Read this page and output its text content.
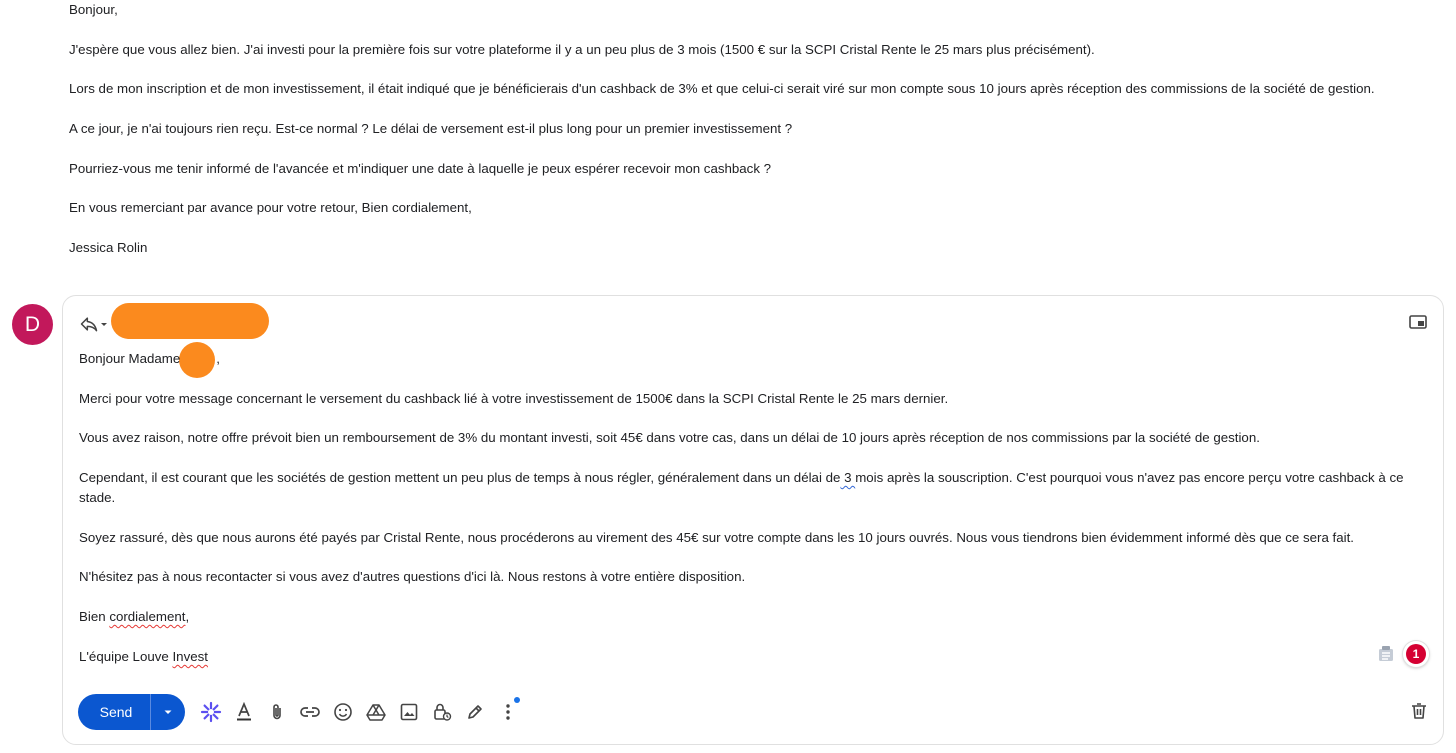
Bonjour,

J'espère que vous allez bien. J'ai investi pour la première fois sur votre plateforme il y a un peu plus de 3 mois (1500 € sur la SCPI Cristal Rente le 25 mars plus précisément).

Lors de mon inscription et de mon investissement, il était indiqué que je bénéficierais d'un cashback de 3% et que celui-ci serait viré sur mon compte sous 10 jours après réception des commissions de la société de gestion.

A ce jour, je n'ai toujours rien reçu. Est-ce normal ? Le délai de versement est-il plus long pour un premier investissement ?

Pourriez-vous me tenir informé de l'avancée et m'indiquer une date à laquelle je peux espérer recevoir mon cashback ?

En vous remerciant par avance pour votre retour, Bien cordialement,

Jessica Rolin

D

Bonjour Madame	,

Merci pour votre message concernant le versement du cashback lié à votre investissement de 1500€ dans la SCPI Cristal Rente le 25 mars dernier.

Vous avez raison, notre offre prévoit bien un remboursement de 3% du montant investi, soit 45€ dans votre cas, dans un délai de 10 jours après réception de nos commissions par la société de gestion.

Cependant, il est courant que les sociétés de gestion mettent un peu plus de temps à nous régler, généralement dans un délai de 3 mois après la souscription. C'est pourquoi vous n'avez pas encore perçu votre cashback à ce stade.

Soyez rassuré, dès que nous aurons été payés par Cristal Rente, nous procéderons au virement des 45€ sur votre compte dans les 10 jours ouvrés. Nous vous tiendrons bien évidemment informé dès que ce sera fait.

N'hésitez pas à nous recontacter si vous avez d'autres questions d'ici là. Nous restons à votre entière disposition.

Bien cordialement,

L'équipe Louve Invest	1
Send
